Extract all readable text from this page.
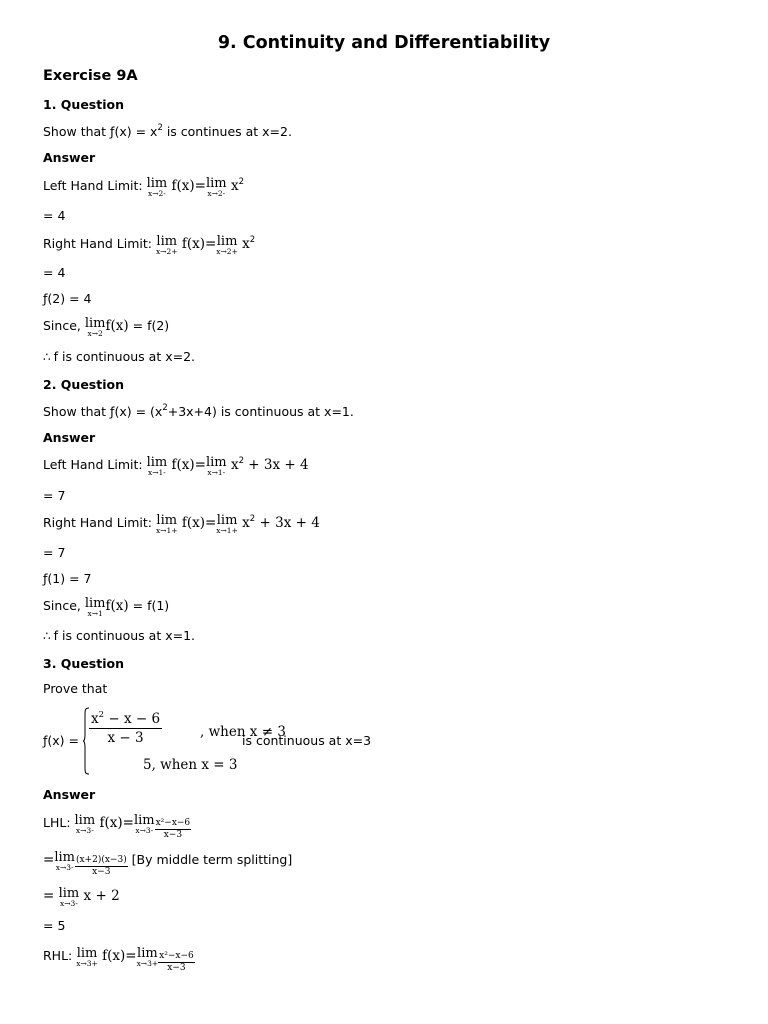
9. Continuity and Differentiability
Exercise 9A
1. Question
Show that ƒ(x) = $x^2$ is continues at x=2.
Answer
Left Hand Limit: lim
x→2- f(x)= lim
x→2- $x^2$
= 4
Right Hand Limit: lim
x→2+ f(x)= lim
$x\to 2+ x^2$
= 4
ƒ(2) = 4
Since, lim
x→2 f(x) = f(2)
∴ f is continuous at x=2.
2. Question
Show that ƒ(x) = $(x^2+3x+4)$ is continuous at x=1.
Answer
Left Hand Limit: lim
x→1- f(x)= lim
x→1- $x^2 + 3x + 4$
= 7
Right Hand Limit: lim
x→1+ f(x)= lim
$x\to 1+ x^2 + 3x + 4$
= 7
ƒ(1) = 7
Since, lim
x→1 f(x) = f(1)
∴ f is continuous at x=1.
3. Question
Prove that
ƒ(x) =
$x^2 - x - 6$
x − 3	, when x ≠ 3
5, when x = 3
is continuous at x=3
Answer
LHL: lim
x→3- f(x)= lim
$x\to 3- \frac{\text{x²−x−6}}{x-3}$
= lim
$x\to 3- \frac{(x+2)(x-3)}{x-3} [By$ middle term splitting]
= lim
x→3- x + 2
= 5
RHL: lim
x→3+ f(x)= lim
$x\to 3+ \frac{\text{x²−x−6}}{x-3}$
